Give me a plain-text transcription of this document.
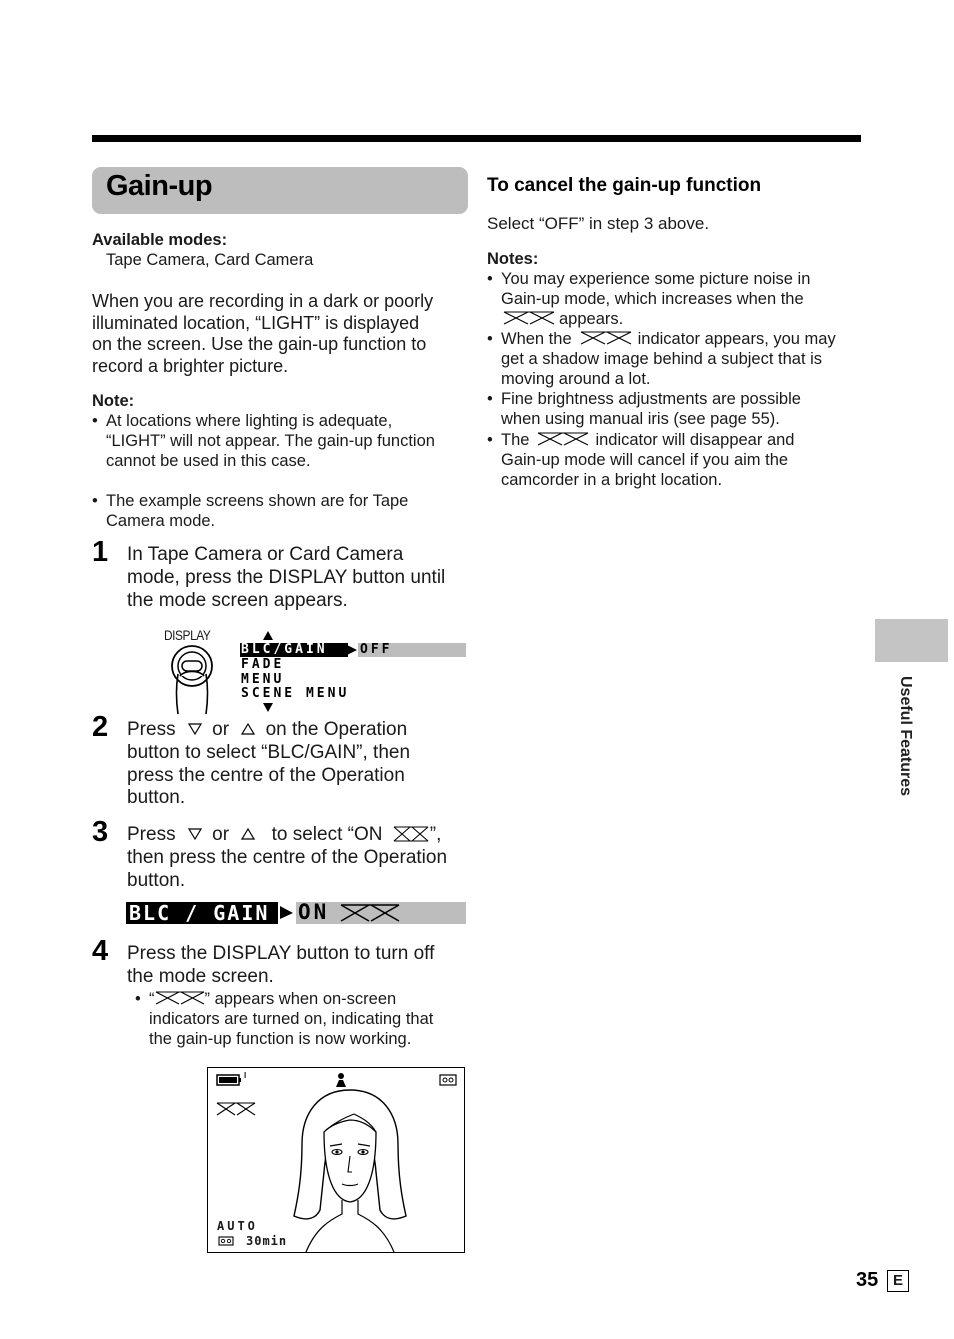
Gain-up
Available modes:
Tape Camera, Card Camera
When you are recording in a dark or poorly
illuminated location, “LIGHT” is displayed
on the screen. Use the gain-up function to
record a brighter picture.
Note:
• At locations where lighting is adequate,
“LIGHT” will not appear. The gain-up function
cannot be used in this case.
• The example screens shown are for Tape
Camera mode.
1 In Tape Camera or Card Camera
mode, press the DISPLAY button until
the mode screen appears.
DISPLAY
BLC/GAIN OFF
FADE
MENU
SCENE MENU
2 Press or on the Operation
button to select “BLC/GAIN”, then
press the centre of the Operation
button.
3 Press or to select “ON ”,
then press the centre of the Operation
button.
BLC / GAIN ON
4 Press the DISPLAY button to turn off
the mode screen.
• “	” appears when on-screen
indicators are turned on, indicating that
the gain-up function is now working.
I
AUTO
30min
To cancel the gain-up function
Select “OFF” in step 3 above.
Notes:
• You may experience some picture noise in
Gain-up mode, which increases when the
appears.
• When the	indicator appears, you may
get a shadow image behind a subject that is
moving around a lot.
• Fine brightness adjustments are possible
when using manual iris (see page 55).
• The	indicator will disappear and
Gain-up mode will cancel if you aim the
camcorder in a bright location.
Useful Features
35 E
